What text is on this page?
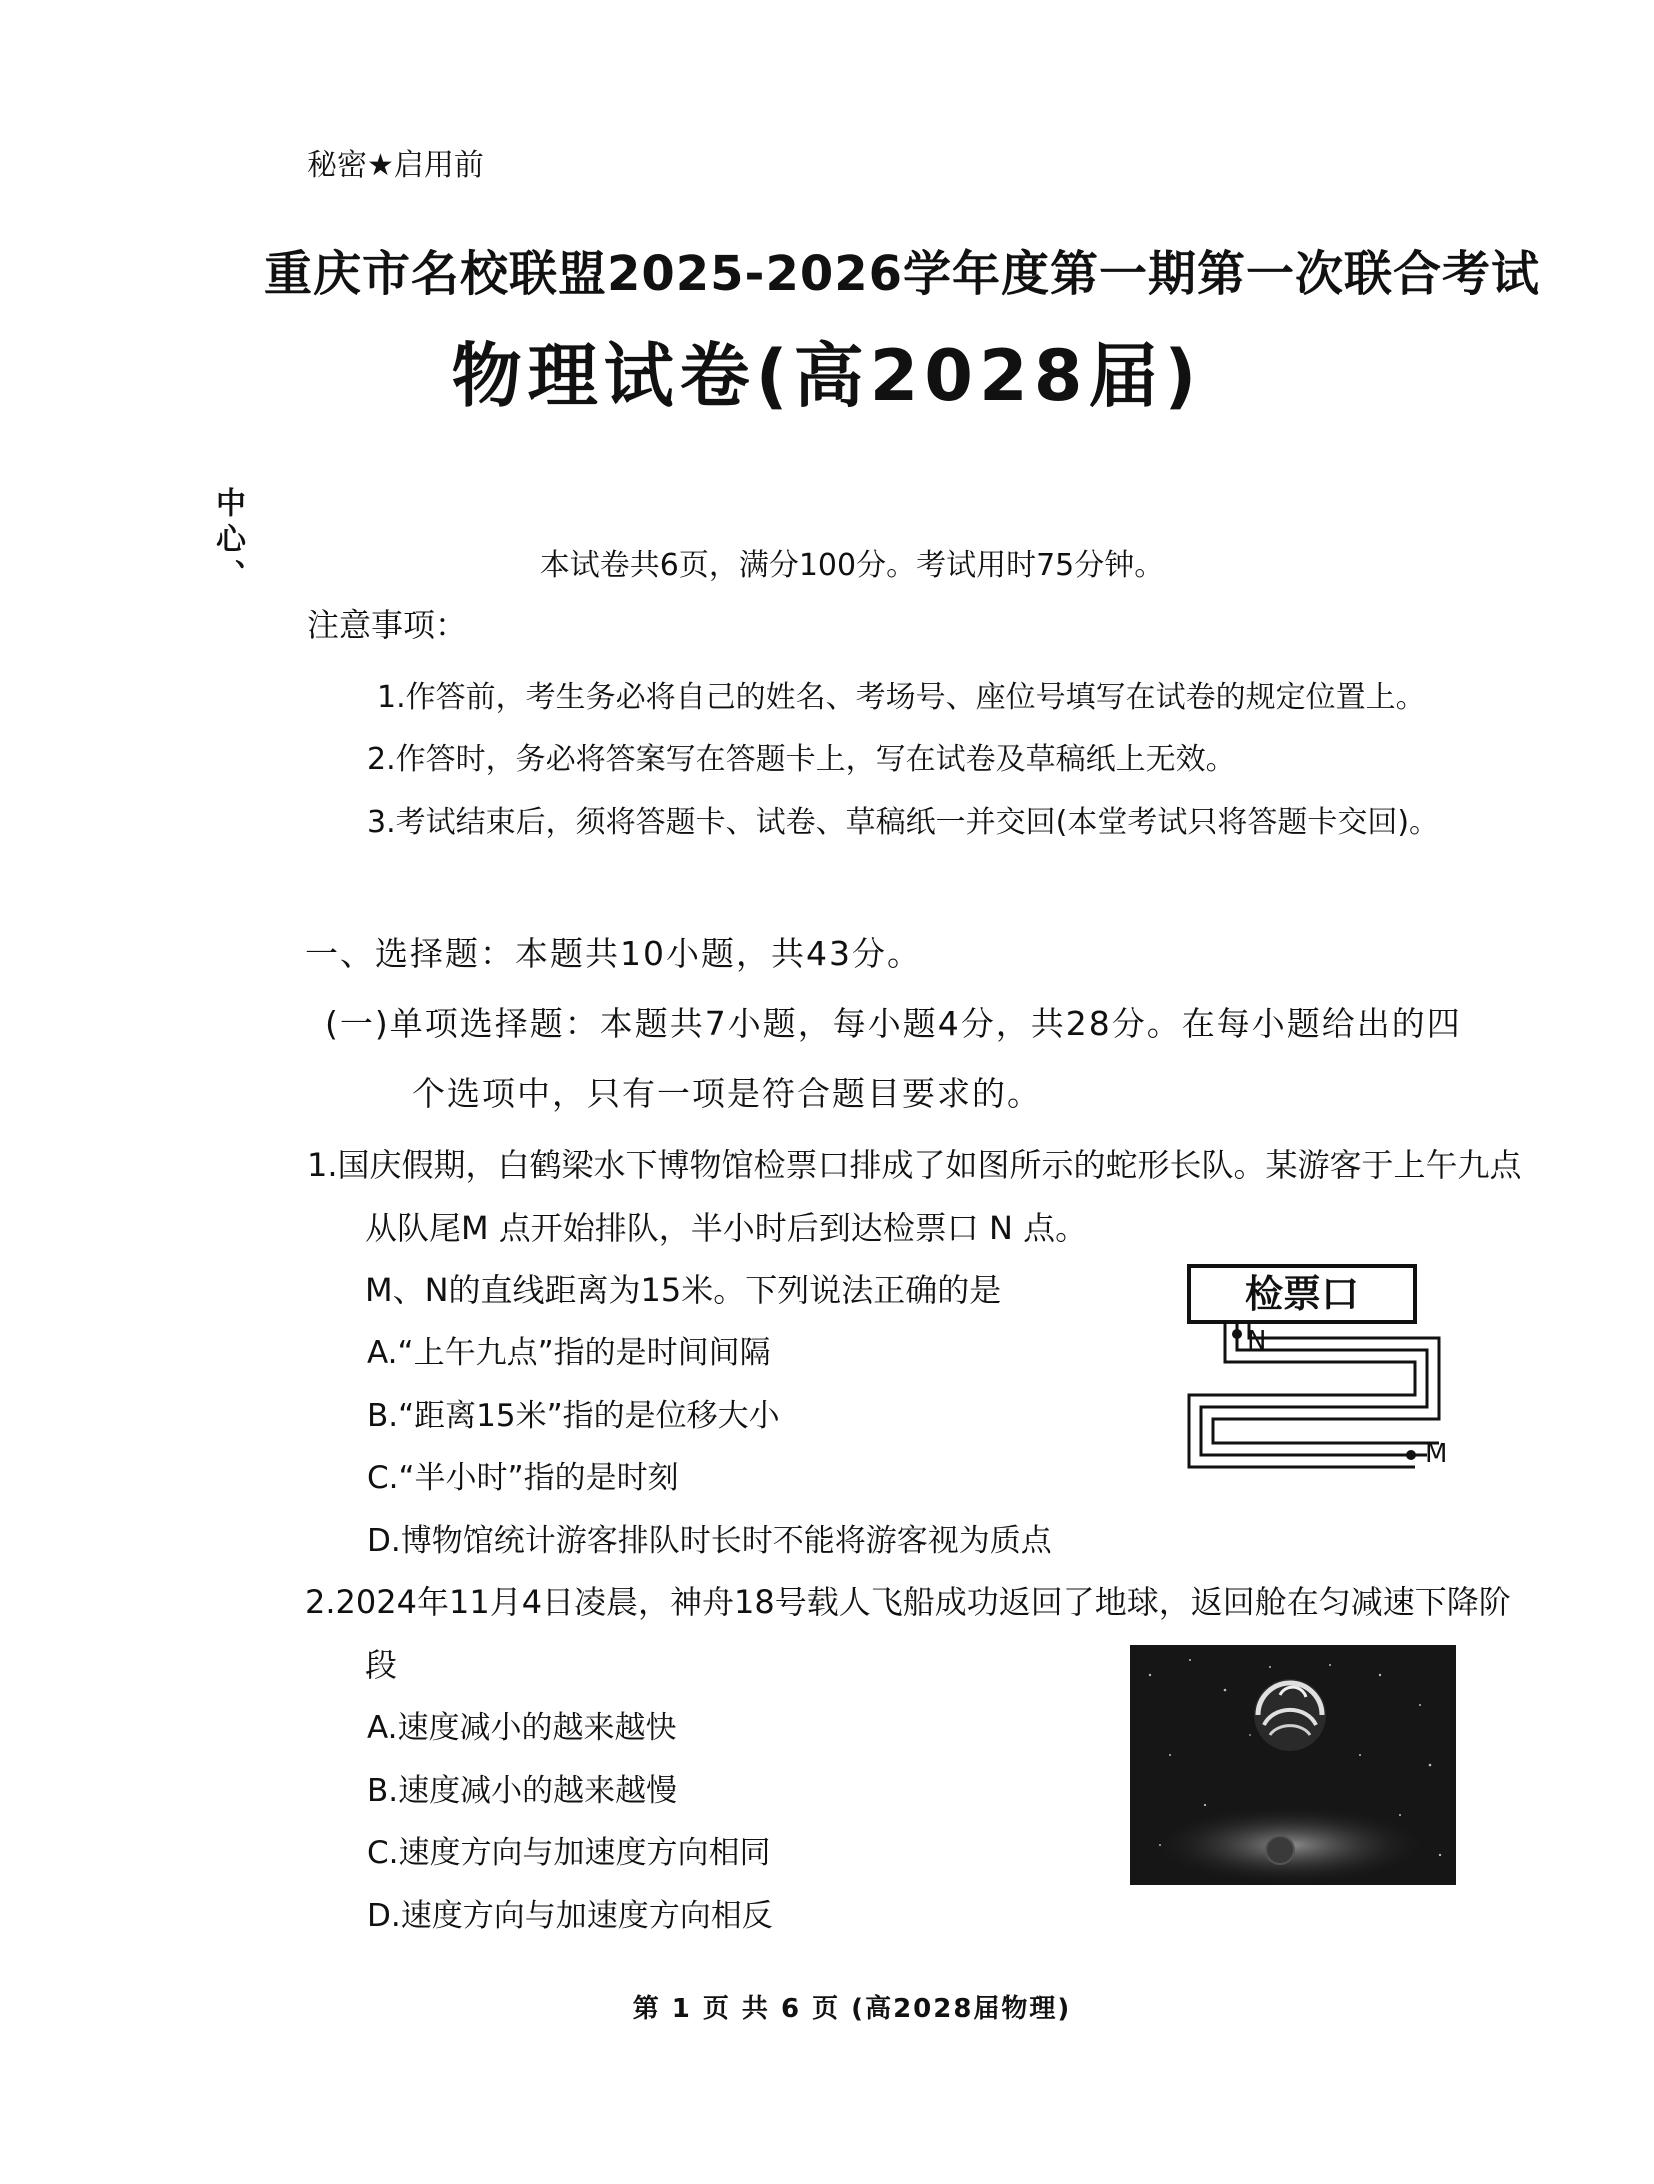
秘密★启用前
重庆市名校联盟2025-2026学年度第一期第一次联合考试
物理试卷(高2028届)
中心、	本试卷共6页，满分100分。考试用时75分钟。
注意事项：
1.作答前，考生务必将自己的姓名、考场号、座位号填写在试卷的规定位置上。
2.作答时，务必将答案写在答题卡上，写在试卷及草稿纸上无效。
3.考试结束后，须将答题卡、试卷、草稿纸一并交回(本堂考试只将答题卡交回)。
一、选择题：本题共10小题，共43分。
(一)单项选择题：本题共7小题，每小题4分，共28分。在每小题给出的四
个选项中，只有一项是符合题目要求的。
1.国庆假期，白鹤梁水下博物馆检票口排成了如图所示的蛇形长队。某游客于上午九点
从队尾M 点开始排队，半小时后到达检票口 N 点。
M、N的直线距离为15米。下列说法正确的是
A.“上午九点”指的是时间间隔
B.“距离15米”指的是位移大小
C.“半小时”指的是时刻
D.博物馆统计游客排队时长时不能将游客视为质点
检票口
N
M
2.2024年11月4日凌晨，神舟18号载人飞船成功返回了地球，返回舱在匀减速下降阶
段
A.速度减小的越来越快
B.速度减小的越来越慢
C.速度方向与加速度方向相同
D.速度方向与加速度方向相反
第 1 页 共 6 页 (高2028届物理)
